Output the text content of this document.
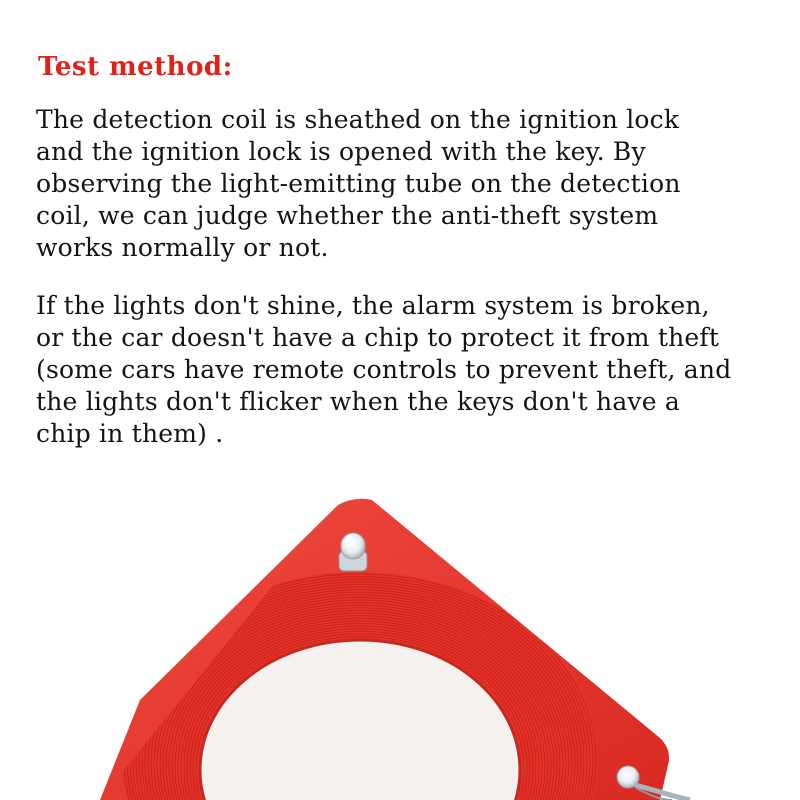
Test method:

The detection coil is sheathed on the ignition lock
and the ignition lock is opened with the key. By
observing the light-emitting tube on the detection
coil, we can judge whether the anti-theft system
works normally or not.

If the lights don't shine, the alarm system is broken,
or the car doesn't have a chip to protect it from theft
(some cars have remote controls to prevent theft, and
the lights don't flicker when the keys don't have a
chip in them) .
